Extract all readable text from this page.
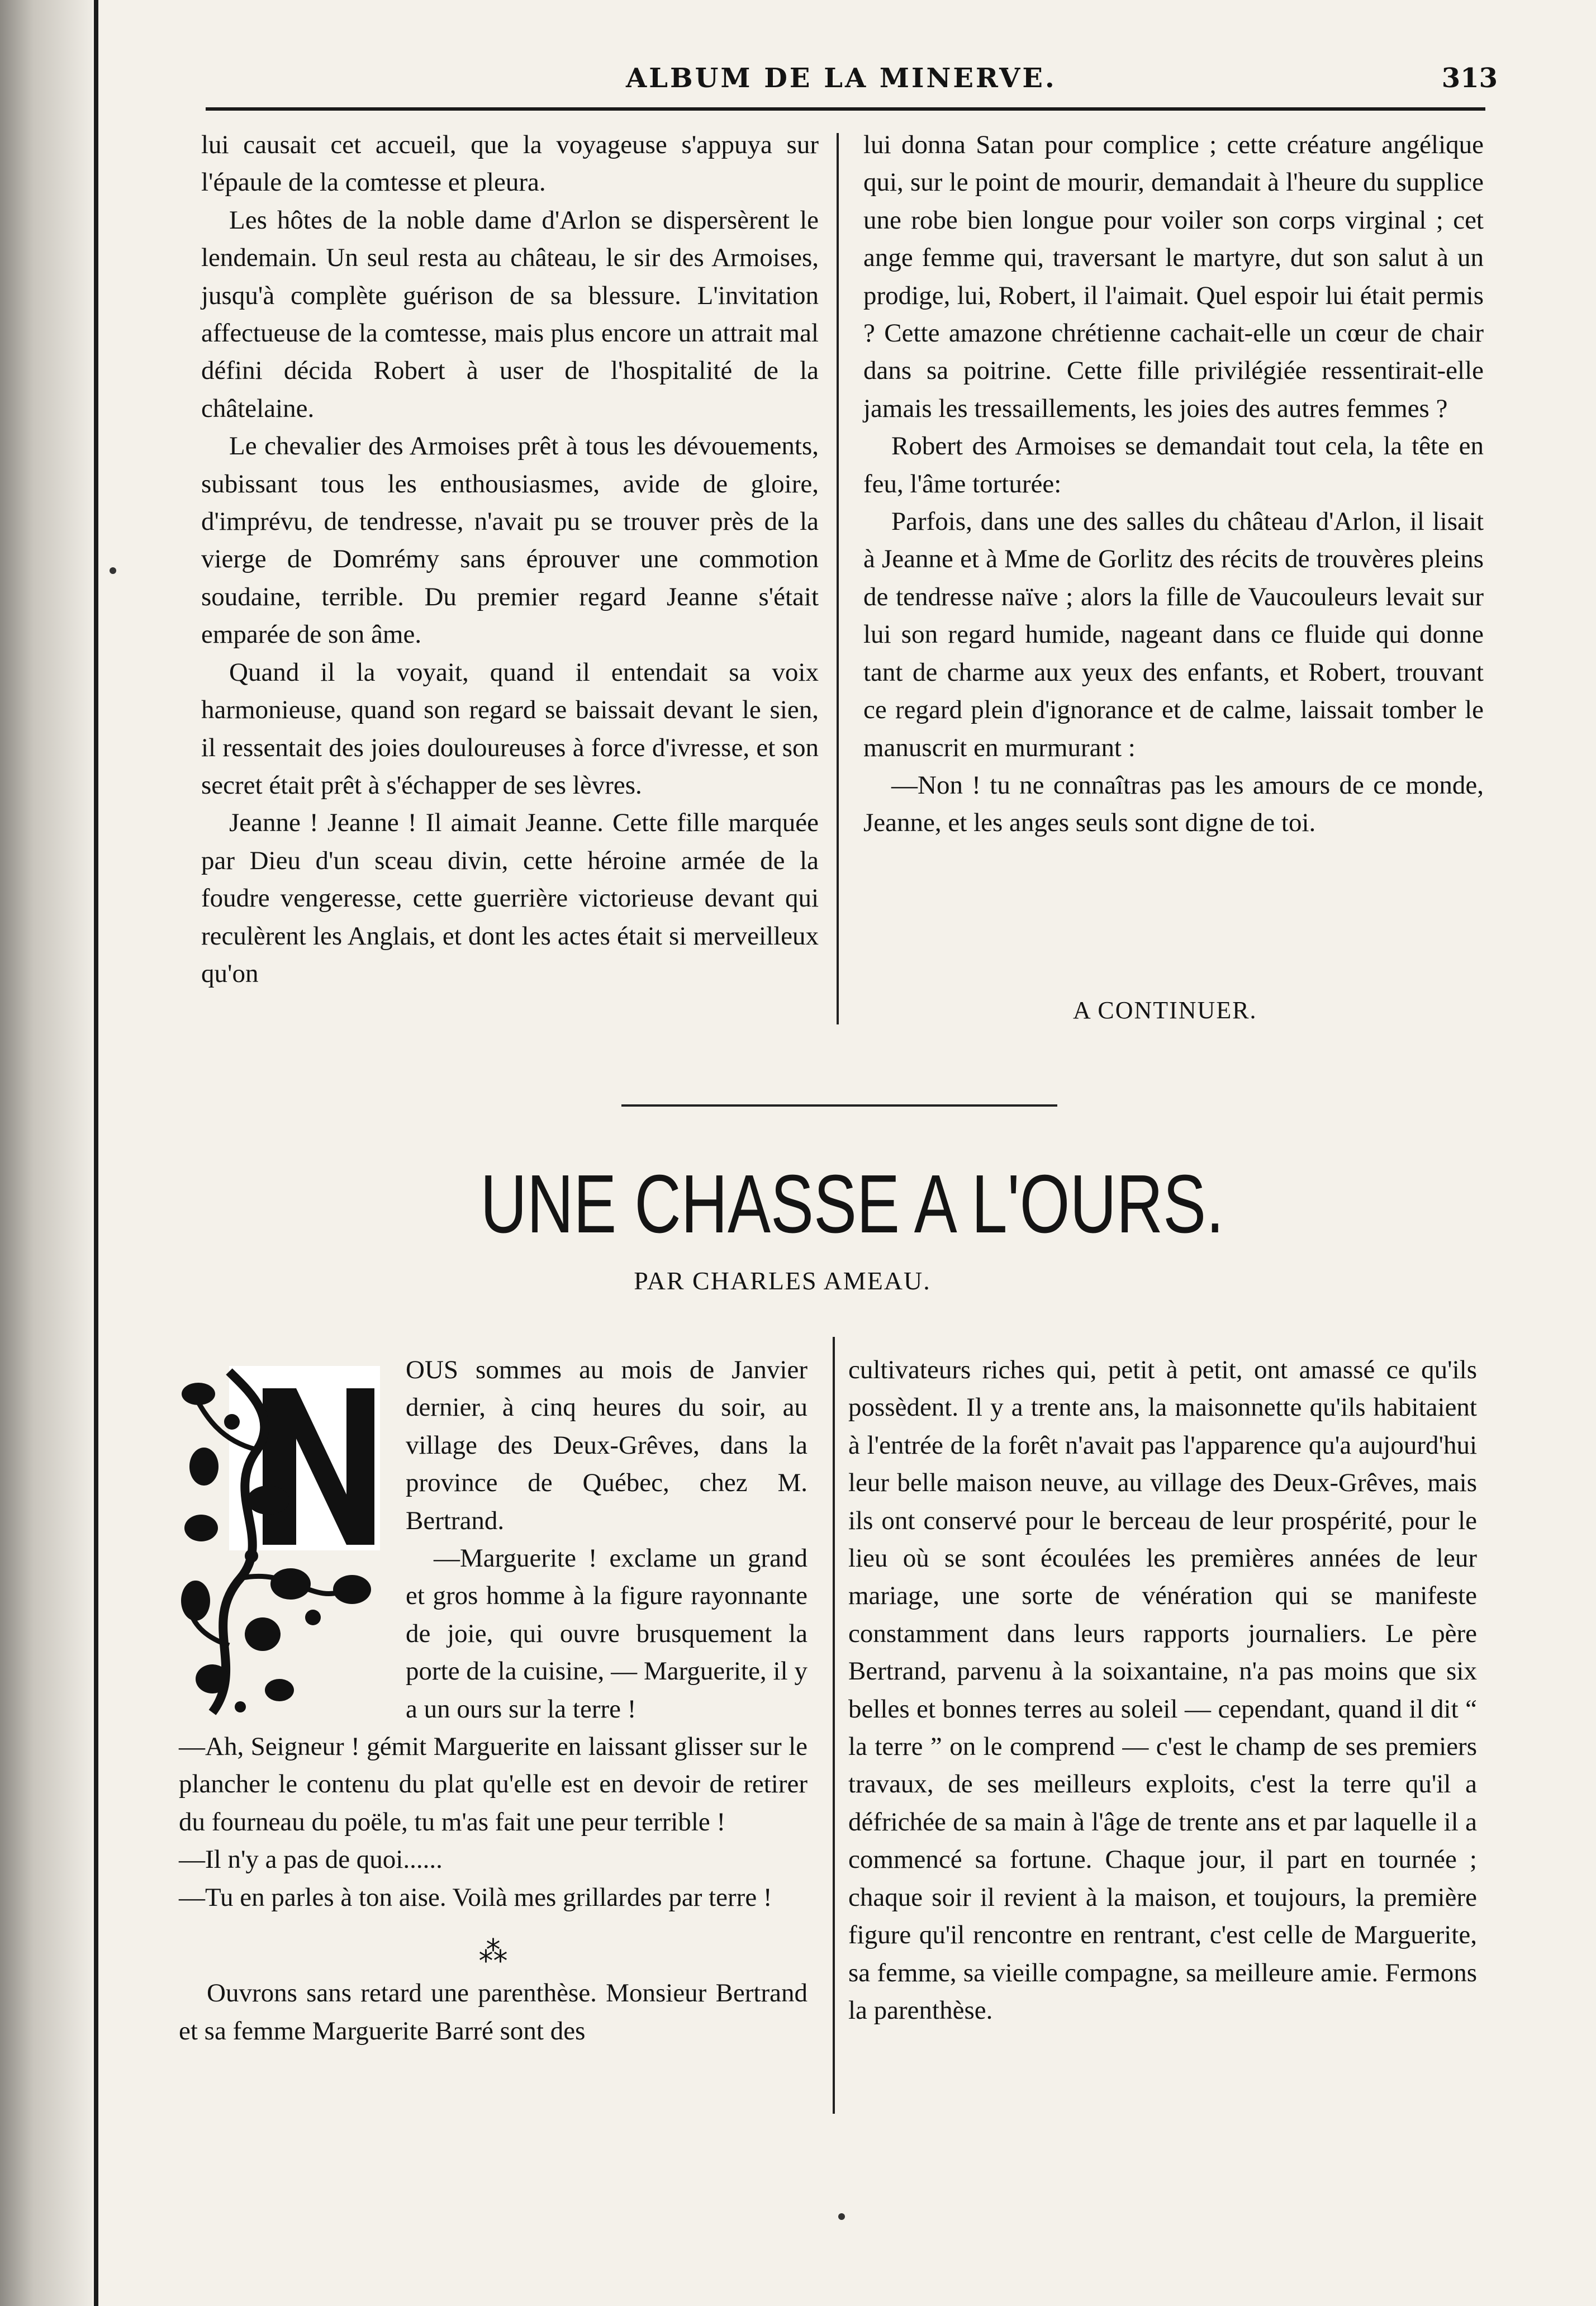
ALBUM DE LA MINERVE.	313

lui causait cet accueil, que la voyageuse s'appuya sur l'épaule de la comtesse et pleura.

Les hôtes de la noble dame d'Arlon se dispersèrent le lendemain. Un seul resta au château, le sir des Armoises, jusqu'à complète guérison de sa blessure. L'invitation affectueuse de la comtesse, mais plus encore un attrait mal défini décida Robert à user de l'hospitalité de la châtelaine.

Le chevalier des Armoises prêt à tous les dévouements, subissant tous les enthousiasmes, avide de gloire, d'imprévu, de tendresse, n'avait pu se trouver près de la vierge de Domrémy sans éprouver une commotion soudaine, terrible. Du premier regard Jeanne s'était emparée de son âme.

Quand il la voyait, quand il entendait sa voix harmonieuse, quand son regard se baissait devant le sien, il ressentait des joies douloureuses à force d'ivresse, et son secret était prêt à s'échapper de ses lèvres.

Jeanne ! Jeanne ! Il aimait Jeanne. Cette fille marquée par Dieu d'un sceau divin, cette héroine armée de la foudre vengeresse, cette guerrière victorieuse devant qui reculèrent les Anglais, et dont les actes était si merveilleux qu'on

lui donna Satan pour complice ; cette créature angélique qui, sur le point de mourir, demandait à l'heure du supplice une robe bien longue pour voiler son corps virginal ; cet ange femme qui, traversant le martyre, dut son salut à un prodige, lui, Robert, il l'aimait. Quel espoir lui était permis ? Cette amazone chrétienne cachait-elle un cœur de chair dans sa poitrine. Cette fille privilégiée ressentirait-elle jamais les tressaillements, les joies des autres femmes ?

Robert des Armoises se demandait tout cela, la tête en feu, l'âme torturée:

Parfois, dans une des salles du château d'Arlon, il lisait à Jeanne et à Mme de Gorlitz des récits de trouvères pleins de tendresse naïve ; alors la fille de Vaucouleurs levait sur lui son regard humide, nageant dans ce fluide qui donne tant de charme aux yeux des enfants, et Robert, trouvant ce regard plein d'ignorance et de calme, laissait tomber le manuscrit en murmurant :

—Non ! tu ne connaîtras pas les amours de ce monde, Jeanne, et les anges seuls sont digne de toi.

A CONTINUER.
UNE CHASSE A L'OURS.
PAR CHARLES AMEAU.

OUS sommes au mois de Janvier dernier, à cinq heures du soir, au village des Deux-Grêves, dans la province de Québec, chez M. Bertrand.

—Marguerite ! exclame un grand et gros homme à la figure rayonnante de joie, qui ouvre brusquement la porte de la cuisine, — Marguerite, il y a un ours sur la terre !

—Ah, Seigneur ! gémit Marguerite en laissant glisser sur le plancher le contenu du plat qu'elle est en devoir de retirer du fourneau du poële, tu m'as fait une peur terrible !

—Il n'y a pas de quoi......

—Tu en parles à ton aise. Voilà mes grillardes par terre !

⁂

Ouvrons sans retard une parenthèse. Monsieur Bertrand et sa femme Marguerite Barré sont des

cultivateurs riches qui, petit à petit, ont amassé ce qu'ils possèdent. Il y a trente ans, la maisonnette qu'ils habitaient à l'entrée de la forêt n'avait pas l'apparence qu'a aujourd'hui leur belle maison neuve, au village des Deux-Grêves, mais ils ont conservé pour le berceau de leur prospérité, pour le lieu où se sont écoulées les premières années de leur mariage, une sorte de vénération qui se manifeste constamment dans leurs rapports journaliers. Le père Bertrand, parvenu à la soixantaine, n'a pas moins que six belles et bonnes terres au soleil — cependant, quand il dit “ la terre ” on le comprend — c'est le champ de ses premiers travaux, de ses meilleurs exploits, c'est la terre qu'il a défrichée de sa main à l'âge de trente ans et par laquelle il a commencé sa fortune. Chaque jour, il part en tournée ; chaque soir il revient à la maison, et toujours, la première figure qu'il rencontre en rentrant, c'est celle de Marguerite, sa femme, sa vieille compagne, sa meilleure amie. Fermons la parenthèse.
